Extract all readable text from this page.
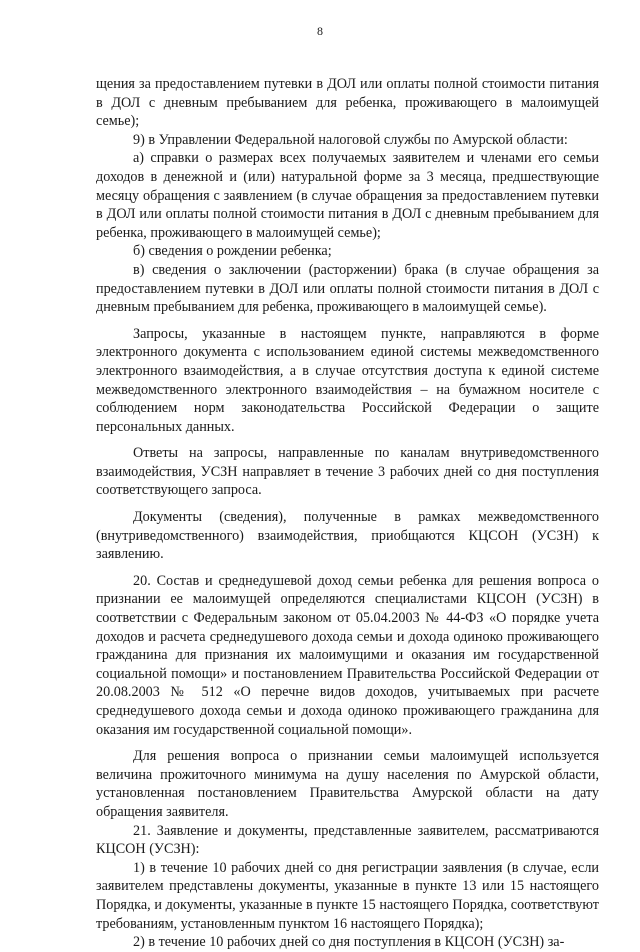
8

щения за предоставлением путевки в ДОЛ или оплаты полной стоимости питания в ДОЛ с дневным пребыванием для ребенка, проживающего в малоимущей семье);

9) в Управлении Федеральной налоговой службы по Амурской области:

а) справки о размерах всех получаемых заявителем и членами его семьи доходов в денежной и (или) натуральной форме за 3 месяца, предшествующие месяцу обращения с заявлением (в случае обращения за предоставлением путевки в ДОЛ или оплаты полной стоимости питания в ДОЛ с дневным пребыванием для ребенка, проживающего в малоимущей семье);

б) сведения о рождении ребенка;

в) сведения о заключении (расторжении) брака (в случае обращения за предоставлением путевки в ДОЛ или оплаты полной стоимости питания в ДОЛ с дневным пребыванием для ребенка, проживающего в малоимущей семье).

Запросы, указанные в настоящем пункте, направляются в форме электронного документа с использованием единой системы межведомственного электронного взаимодействия, а в случае отсутствия доступа к единой системе межведомственного электронного взаимодействия – на бумажном носителе с соблюдением норм законодательства Российской Федерации о защите персональных данных.

Ответы на запросы, направленные по каналам внутриведомственного взаимодействия, УСЗН направляет в течение 3 рабочих дней со дня поступления соответствующего запроса.

Документы (сведения), полученные в рамках межведомственного (внутриведомственного) взаимодействия, приобщаются КЦСОН (УСЗН) к заявлению.

20. Состав и среднедушевой доход семьи ребенка для решения вопроса о признании ее малоимущей определяются специалистами КЦСОН (УСЗН) в соответствии с Федеральным законом от 05.04.2003 № 44-ФЗ «О порядке учета доходов и расчета среднедушевого дохода семьи и дохода одиноко проживающего гражданина для признания их малоимущими и оказания им государственной социальной помощи» и постановлением Правительства Российской Федерации от 20.08.2003 № 512 «О перечне видов доходов, учитываемых при расчете среднедушевого дохода семьи и дохода одиноко проживающего гражданина для оказания им государственной социальной помощи».

Для решения вопроса о признании семьи малоимущей используется величина прожиточного минимума на душу населения по Амурской области, установленная постановлением Правительства Амурской области на дату обращения заявителя.

21. Заявление и документы, представленные заявителем, рассматриваются КЦСОН (УСЗН):

1) в течение 10 рабочих дней со дня регистрации заявления (в случае, если заявителем представлены документы, указанные в пункте 13 или 15 настоящего Порядка, и документы, указанные в пункте 15 настоящего Порядка, соответствуют требованиям, установленным пунктом 16 настоящего Порядка);

2) в течение 10 рабочих дней со дня поступления в КЦСОН (УСЗН) за-
